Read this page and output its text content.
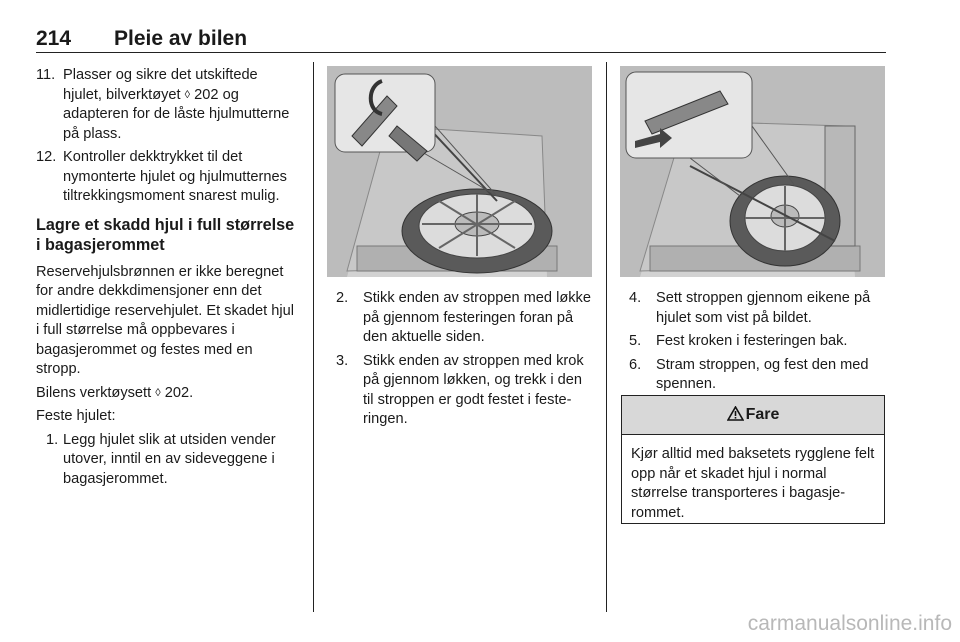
214 Pleie av bilen
11. Plasser og sikre det utskiftede hjulet, bilverktøyet ◊ 202 og adapteren for de låste hjulmutterne på plass.
12. Kontroller dekktrykket til det nymonterte hjulet og hjulmutternes tiltrekkingsmoment snarest mulig.
Lagre et skadd hjul i full størrelse i bagasjerommet

Reservehjulsbrønnen er ikke beregnet for andre dekkdimensjoner enn det midlertidige reservehjulet. Et skadet hjul i full størrelse må oppbevares i bagasjerommet og festes med en stropp.

Bilens verktøysett ◊ 202.

Feste hjulet:

1. Legg hjulet slik at utsiden vender utover, inntil en av sideveggene i bagasjerommet.
2. Stikk enden av stroppen med løkke på gjennom festeringen foran på den aktuelle siden.
3. Stikk enden av stroppen med krok på gjennom løkken, og trekk i den til stroppen er godt festet i festeringen.
4. Sett stroppen gjennom eikene på hjulet som vist på bildet.
5. Fest kroken i festeringen bak.
6. Stram stroppen, og fest den med spennen.
Fare
Kjør alltid med baksetets rygglene felt opp når et skadet hjul i normal størrelse transporteres i bagasjerommet.
carmanualsonline.info
